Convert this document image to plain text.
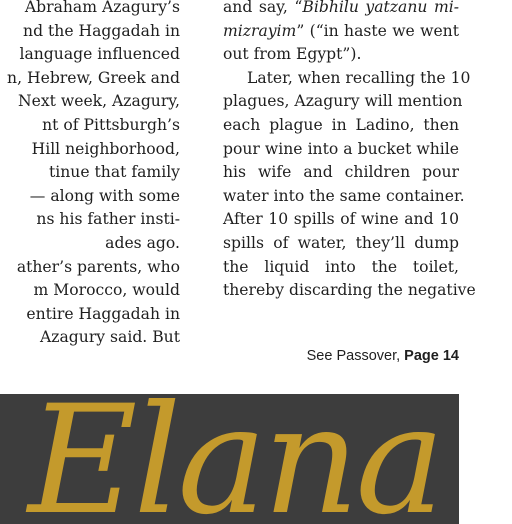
Abraham Azagury’s
nd the Haggadah in
language influenced
n, Hebrew, Greek and
Next week, Azagury,
nt of Pittsburgh’s
Hill neighborhood,
tinue that family
— along with some
ns his father insti-
ades ago.
ather’s parents, who
m Morocco, would
entire Haggadah in
Azagury said. But
and say, “Bibhilu yatzanu mi-
mizrayim” (“in haste we went
out from Egypt”).
Later, when recalling the 10
plagues, Azagury will mention
each plague in Ladino, then
pour wine into a bucket while
his wife and children pour
water into the same container.
After 10 spills of wine and 10
spills of water, they’ll dump
the liquid into the toilet,
thereby discarding the negative
See Passover, Page 14
Elana
